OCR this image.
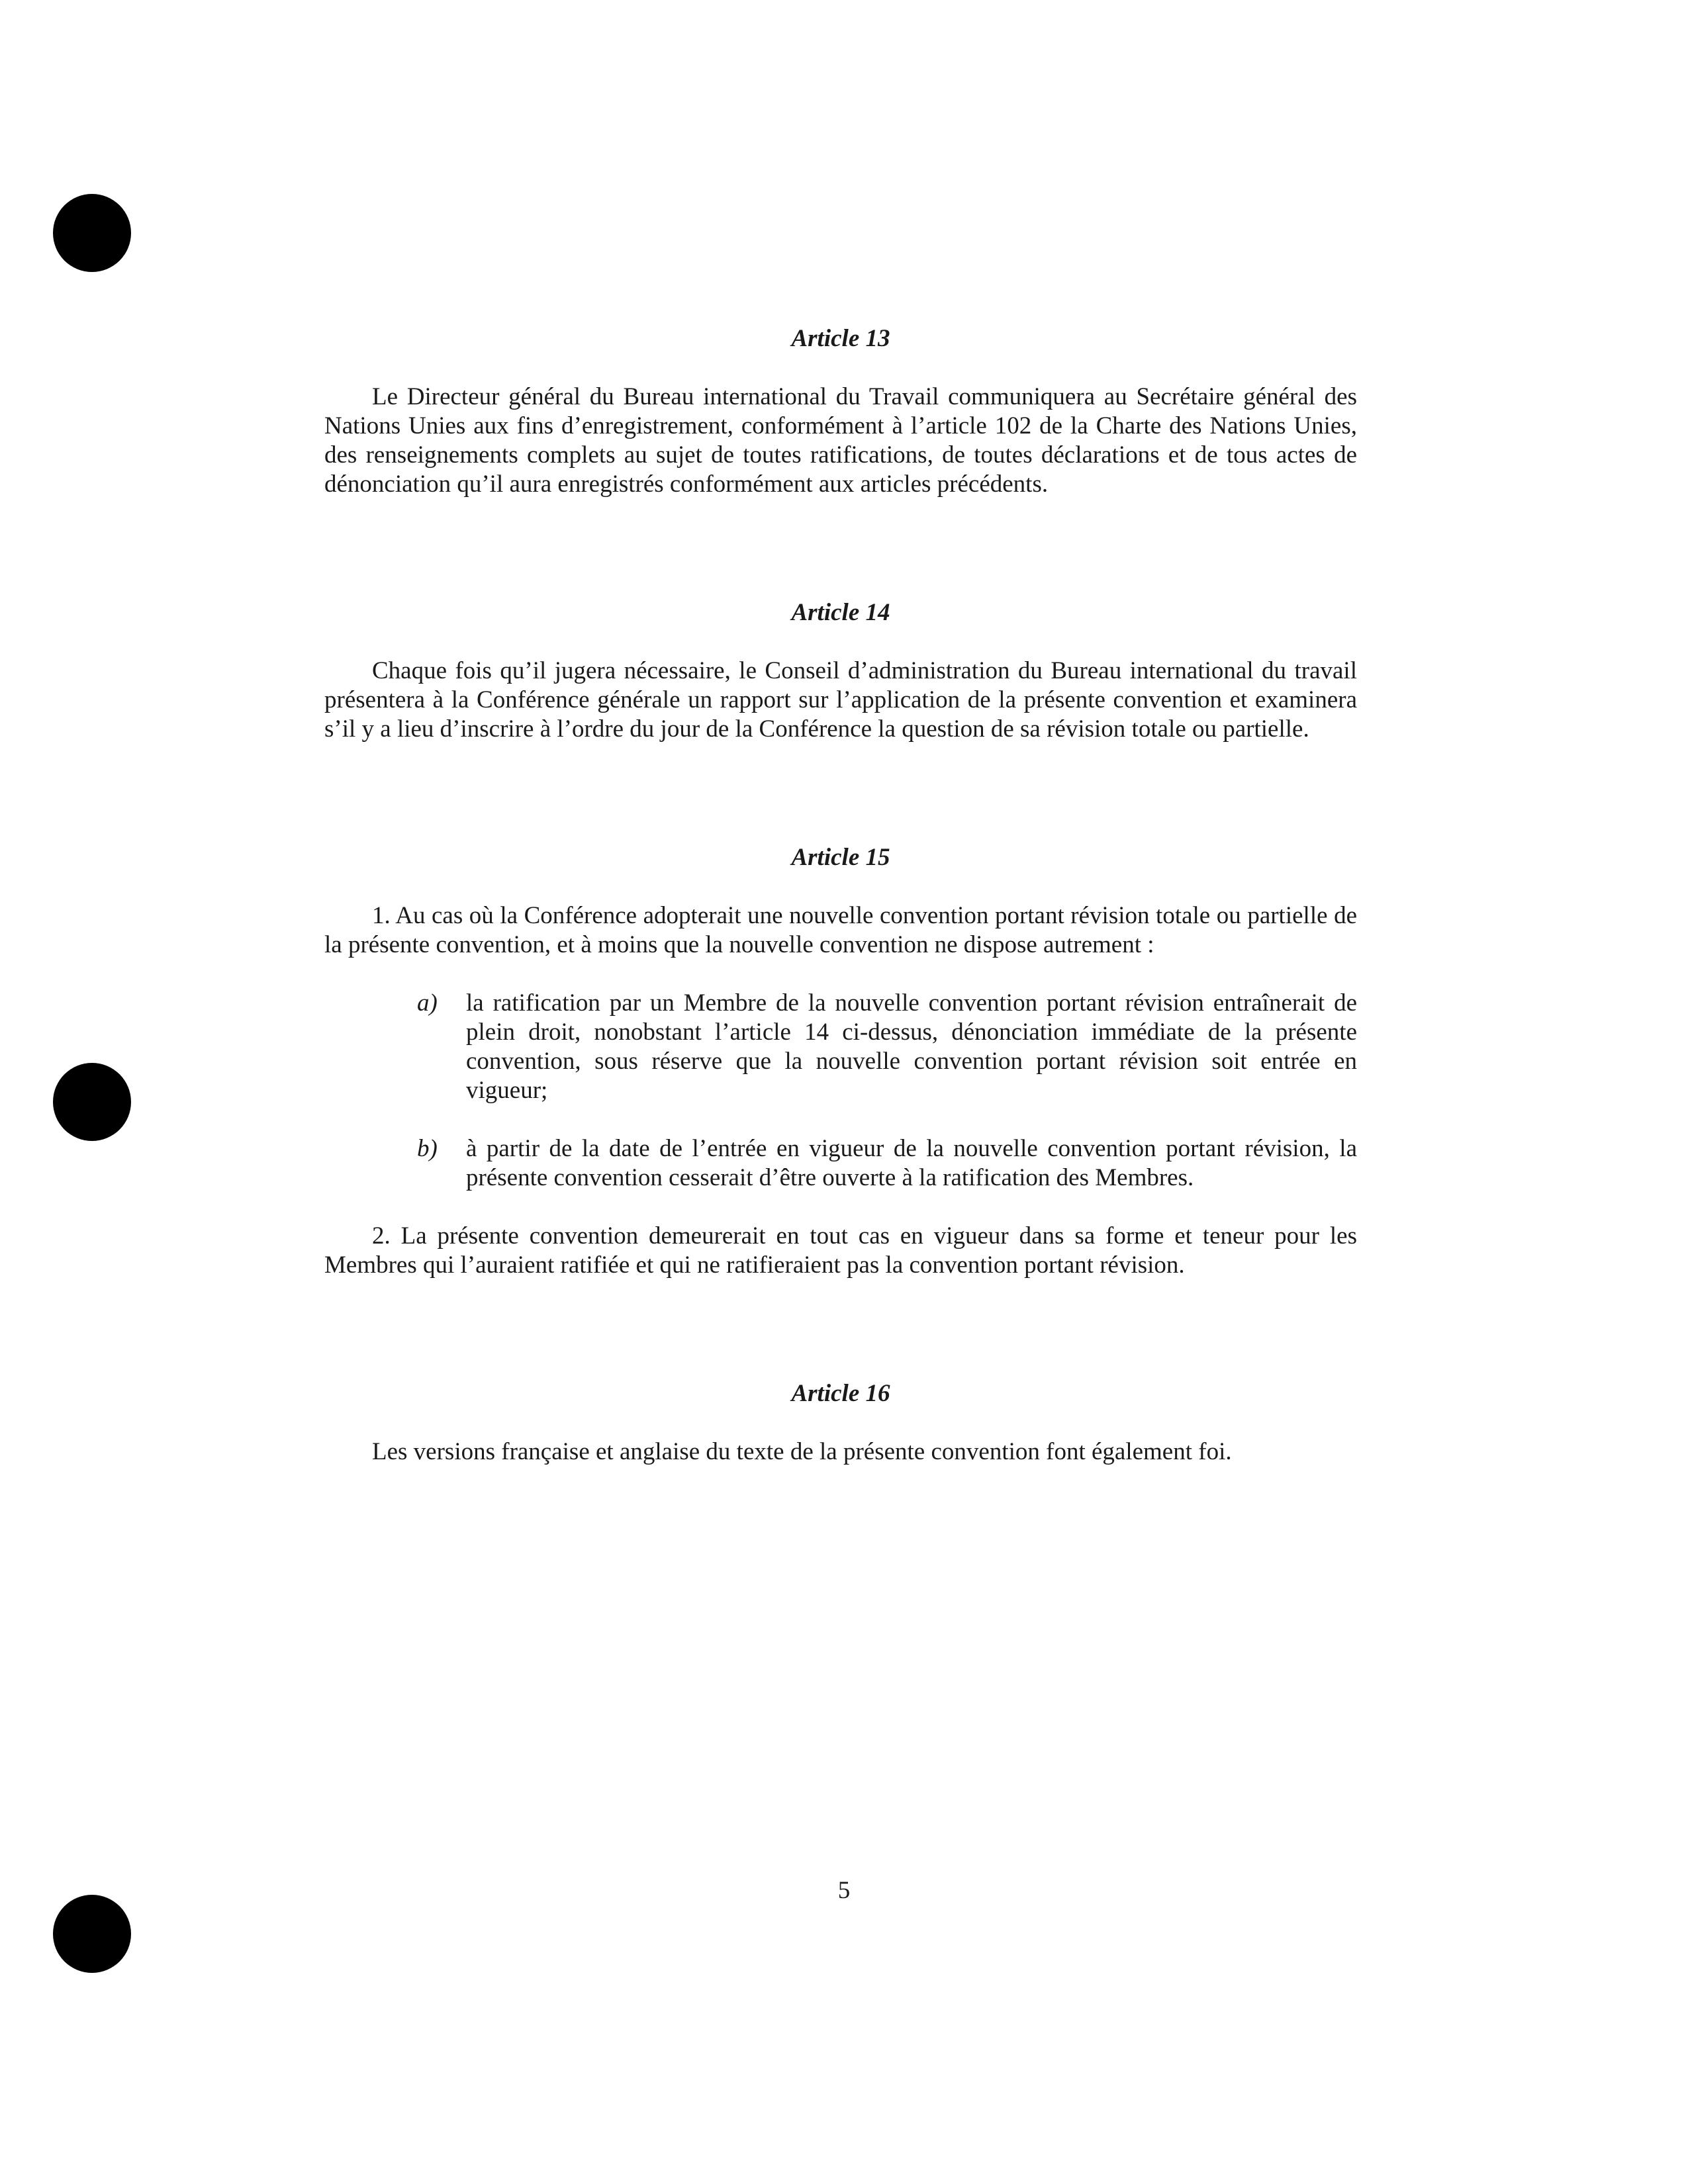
Article 13

Le Directeur général du Bureau international du Travail communiquera au Secrétaire général des Nations Unies aux fins d’enregistrement, conformément à l’article 102 de la Charte des Nations Unies, des renseignements complets au sujet de toutes ratifications, de toutes déclarations et de tous actes de dénonciation qu’il aura enregistrés conformément aux articles précédents.

Article 14

Chaque fois qu’il jugera nécessaire, le Conseil d’administration du Bureau international du travail présentera à la Conférence générale un rapport sur l’application de la présente convention et examinera s’il y a lieu d’inscrire à l’ordre du jour de la Conférence la question de sa révision totale ou partielle.

Article 15

1. Au cas où la Conférence adopterait une nouvelle convention portant révision totale ou partielle de la présente convention, et à moins que la nouvelle convention ne dispose autrement :

a) la ratification par un Membre de la nouvelle convention portant révision entraînerait de plein droit, nonobstant l’article 14 ci-dessus, dénonciation immédiate de la présente convention, sous réserve que la nouvelle convention portant révision soit entrée en vigueur;
b) à partir de la date de l’entrée en vigueur de la nouvelle convention portant révision, la présente convention cesserait d’être ouverte à la ratification des Membres.

2. La présente convention demeurerait en tout cas en vigueur dans sa forme et teneur pour les Membres qui l’auraient ratifiée et qui ne ratifieraient pas la convention portant révision.

Article 16

Les versions française et anglaise du texte de la présente convention font également foi.

5
